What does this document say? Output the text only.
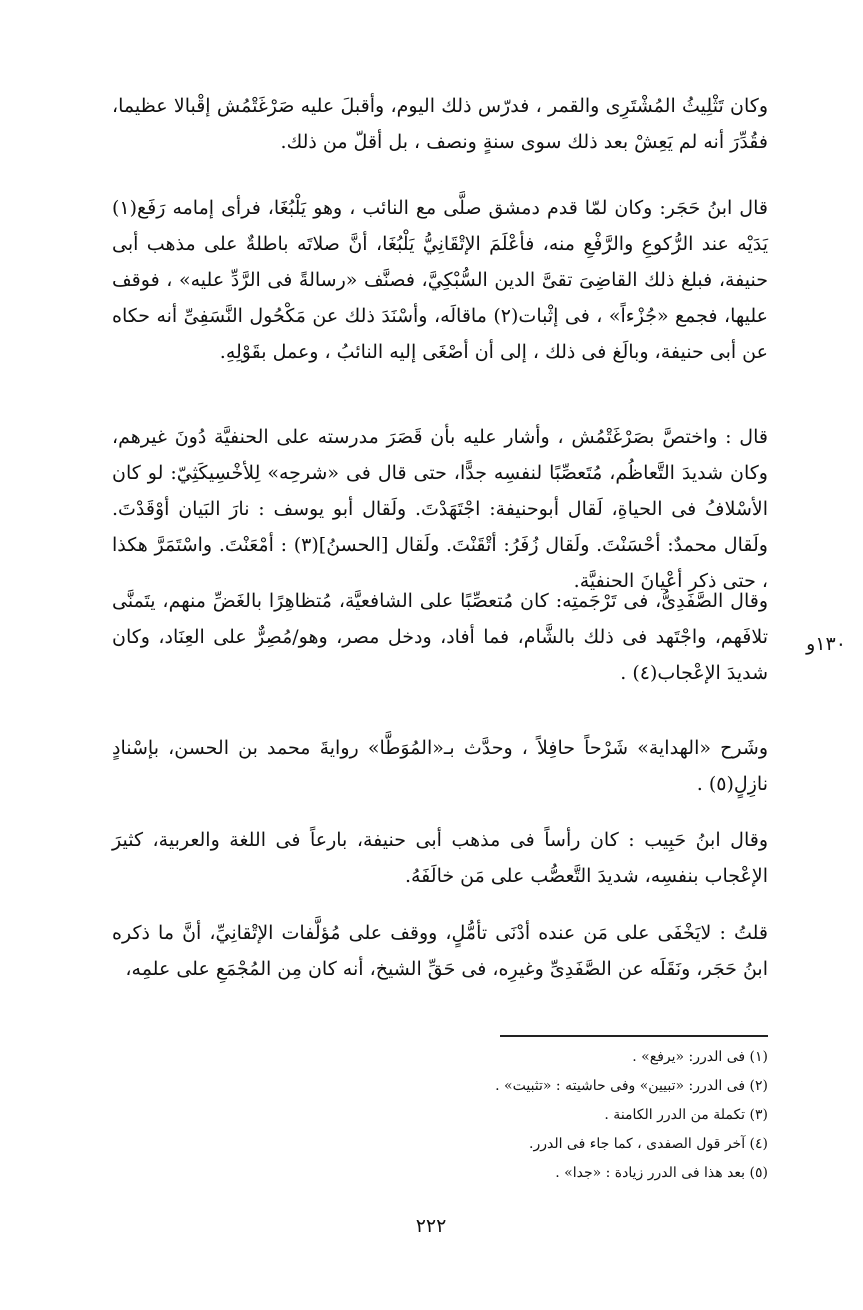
وكان تَثْلِيثُ المُشْتَرِى والقمر ، فدرّس ذلك اليوم، وأقبلَ عليه صَرْغَتْمُش إقْبالا عظيما، فقُدِّرَ أنه لم يَعِشْ بعد ذلك سوى سنةٍ ونصف ، بل أقلّ من ذلك.

قال ابنُ حَجَر: وكان لمّا قدم دمشق صلَّى مع النائب ، وهو يَلْبُغَا، فرأى إمامه رَفَع(١) يَدَيْه عند الرُّكوعِ والرَّفْعِ منه، فأعْلَمَ الإتْقَانِيُّ يَلْبُغَا، أنَّ صلاتَه باطلةٌ على مذهب أبى حنيفة، فبلغ ذلك القاضِىَ تقىَّ الدين السُّبْكِيَّ، فصنَّف «رسالةً فى الرَّدِّ عليه» ، فوقف عليها، فجمع «جُزْءاً» ، فى إثْبات(٢) ماقالَه، وأسْنَدَ ذلك عن مَكْحُول النَّسَفِىِّ أنه حكاه عن أبى حنيفة، وبالَغ فى ذلك ، إلى أن أصْغَى إليه النائبُ ، وعمل بقَوْلِهِ.

قال : واختصَّ بصَرْغَتْمُش ، وأشار عليه بأن قَصَرَ مدرسته على الحنفيَّة دُونَ غيرهم، وكان شديدَ التَّعاظُم، مُتَعصِّبًا لنفسِه جدًّا، حتى قال فى «شرحِه» لِلأخْسِيكَثِيّ: لو كان الأسْلافُ فى الحياةِ، لَقال أبوحنيفة: اجْتَهَدْتَ. ولَقال أبو يوسف : نارَ البَيان أوْقَدْتَ. ولَقال محمدٌ: أحْسَنْتَ. ولَقال زُفَرُ: أتْقَنْتَ. ولَقال [الحسنُ](٣) : أمْعَنْتَ. واسْتَمَرَّ هكذا ، حتى ذكر أعْيانَ الحنفيَّة.

وقال الصَّفَدِىُّ، فى تَرْجَمتِه: كان مُتعصِّبًا على الشافعيَّة، مُتظاهِرًا بالغَضِّ منهم، يتَمنَّى تلافَهم، واجْتَهد فى ذلك بالشَّام، فما أفاد، ودخل مصر، وهو/مُصِرٌّ على العِنَاد، وكان شديدَ الإعْجاب(٤) .

وشَرح «الهداية» شَرْحاً حافِلاً ، وحدَّث بـ«المُوَطَّا» روايةَ محمد بن الحسن، بإسْنادٍ نازِلٍ(٥) .

وقال ابنُ حَبِيب : كان رأساً فى مذهب أبى حنيفة، بارعاً فى اللغة والعربية، كثيرَ الإعْجاب بنفسِه، شديدَ التَّعصُّب على مَن خالَفَهُ.

قلتُ : لايَخْفَى على مَن عنده أدْنَى تأمُّلٍ، ووقف على مُؤلَّفات الإتْقانِيِّ، أنَّ ما ذكره ابنُ حَجَر، ونَقَلَه عن الصَّفَدِىِّ وغيرِه، فى حَقِّ الشيخ، أنه كان مِن المُجْمَعِ على علمِه،

١٣٠و

(١) فى الدرر: «يرفع» .

(٢) فى الدرر: «تبيين» وفى حاشيته : «تثبيت» .

(٣) تكملة من الدرر الكامنة .

(٤) آخر قول الصفدى ، كما جاء فى الدرر.

(٥) بعد هذا فى الدرر زيادة : «جدا» .

٢٢٢
